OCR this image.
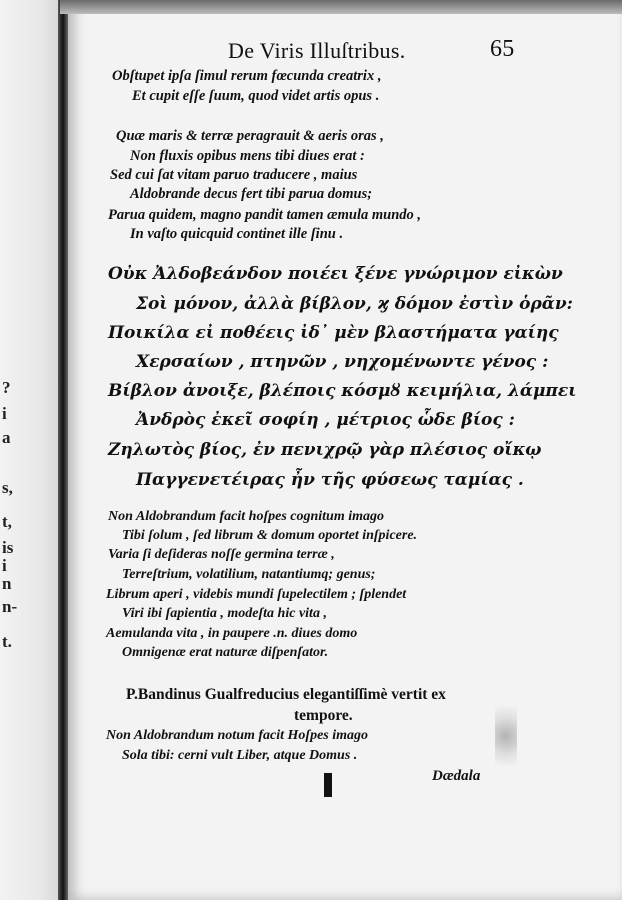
?
i
a
s,
t,
is
i
n
n-
t.
De Viris Illuſtribus.	65
Obſtupet ipſa ſimul rerum fœcunda creatrix ,
Et cupit eſſe ſuum, quod videt artis opus .
Quæ maris & terræ peragrauit & aeris oras ,
Non fluxis opibus mens tibi diues erat :
Sed cui ſat vitam paruo traducere , maius
Aldobrande decus fert tibi parua domus;
Parua quidem, magno pandit tamen æmula mundo ,
In vaſto quicquid continet ille ſinu .
Οὐκ Ἀλδοβεάνδον ποιέει ξένε γνώριμον εἰκὼν
Σοὶ μόνον, ἀλλὰ βίβλον, ϗ δόμον ἐστὶν ὁρᾶν:
Ποικίλα εἰ ποθέεις ἰδ᾽ μὲν βλαστήματα γαίης
Χερσαίων , πτηνῶν , νηχομένωντε γένος :
Βίβλον ἀνοιξε, βλέποις κόσμȣ κειμήλια, λάμπει
Ἀνδρὸς ἐκεῖ σοφίη , μέτριος ὧδε βίος :
Ζηλωτὸς βίος, ἐν πενιχρῷ γὰρ πλέσιος οἴκῳ
Παγγενετέιρας ἦν τῆς φύσεως ταμίας .
Non Aldobrandum facit hoſpes cognitum imago
Tibi ſolum , ſed librum & domum oportet inſpicere.
Varia ſi deſideras noſſe germina terræ ,
Terreſtrium, volatilium, natantiumq; genus;
Librum aperi , videbis mundi ſupelectilem ; ſplendet
Viri ibi ſapientia , modeſta hic vita ,
Aemulanda vita , in paupere .n. diues domo
Omnigenæ erat naturæ diſpenſator.
P.Bandinus Gualfreducius elegantiſſimè vertit ex
tempore.
Non Aldobrandum notum facit Hoſpes imago
Sola tibi: cerni vult Liber, atque Domus .
Dædala
